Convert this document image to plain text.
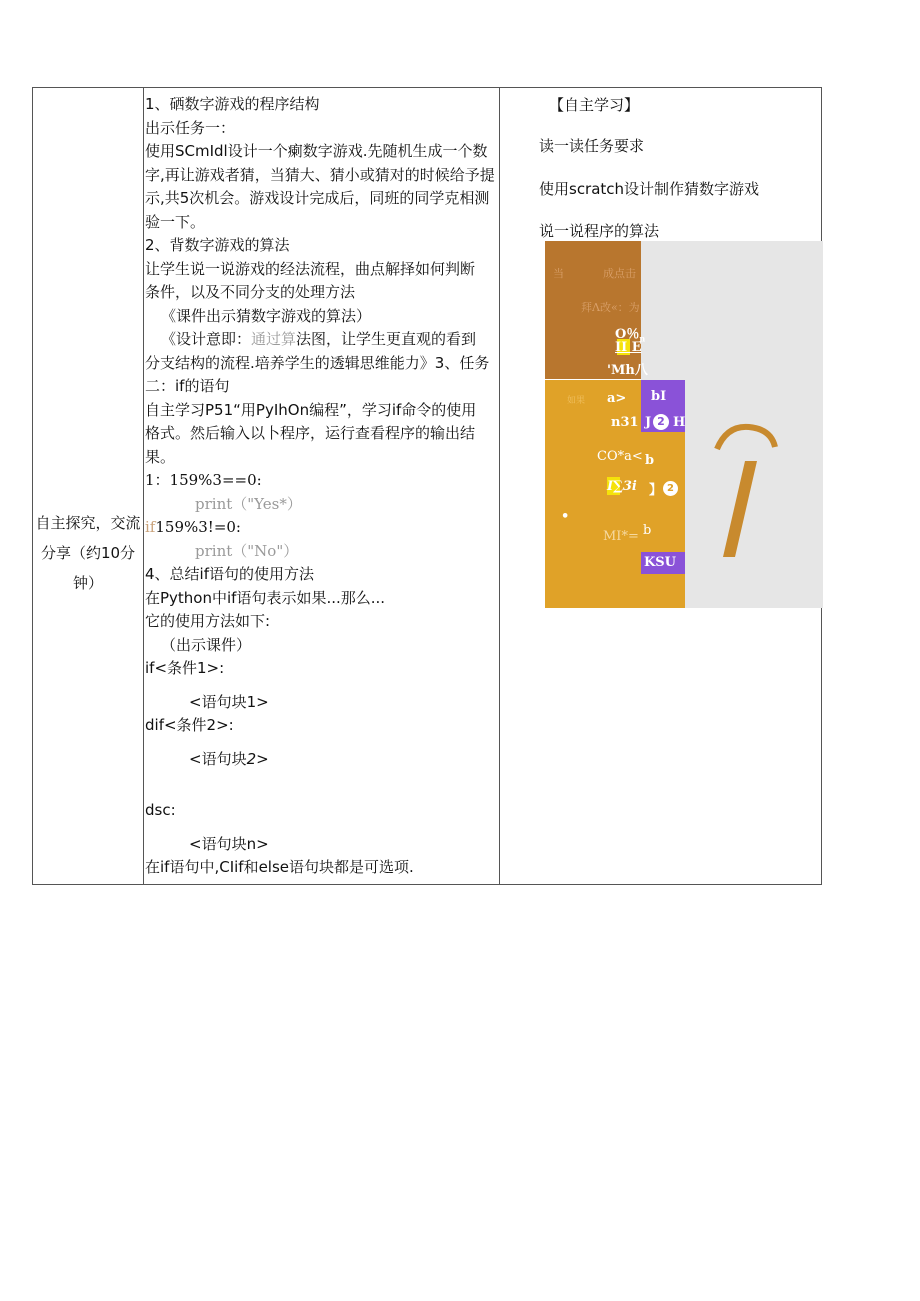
自主探究，交流
分享（约10分
钟）
1、硒数字游戏的程序结构
出示任务一：
使用SCmIdl设计一个瘌数字游戏.先随机生成一个数
字,再让游戏者猜，当猜大、猜小或猜对的时候给予提
示,共5次机会。游戏设计完成后，同班的同学克相测
验一下。
2、背数字游戏的算法
让学生说一说游戏的经法流程，曲点解择如何判断
条件，以及不同分支的处理方法
《课件出示猜数字游戏的算法）
《设计意即：通过算法图，让学生更直观的看到
分支结构的流程.培养学生的透辑思维能力》3、任务
二：if的语句
自主学习P51“用PyIhOn编程”，学习if命令的使用
格式。然后输入以卜程序，运行查看程序的输出结
果。
1：159%3==0:
print（"Yes*）
if159%3!=0:
print（"No"）
4、总结if语句的使用方法
在Python中if语句表示如果...那么...
它的使用方法如下:
（出示课件）
if<条件1>:
<语句块1>
dif<条件2>:
<语句块2>
dsc:
<语句块n>
在if语句中,CIif和else语句块都是可选项.
【自主学习】
读一读任务要求
使用scratch设计制作猜数字游戏
说一说程序的算法
当	成点击
拜Λ改«：为
O％$_n$
II E
'Mh八
如果 a> bI
n31	2
J H
CO*a< b
I∑3i 】 2
•
MI*= b
KSU
